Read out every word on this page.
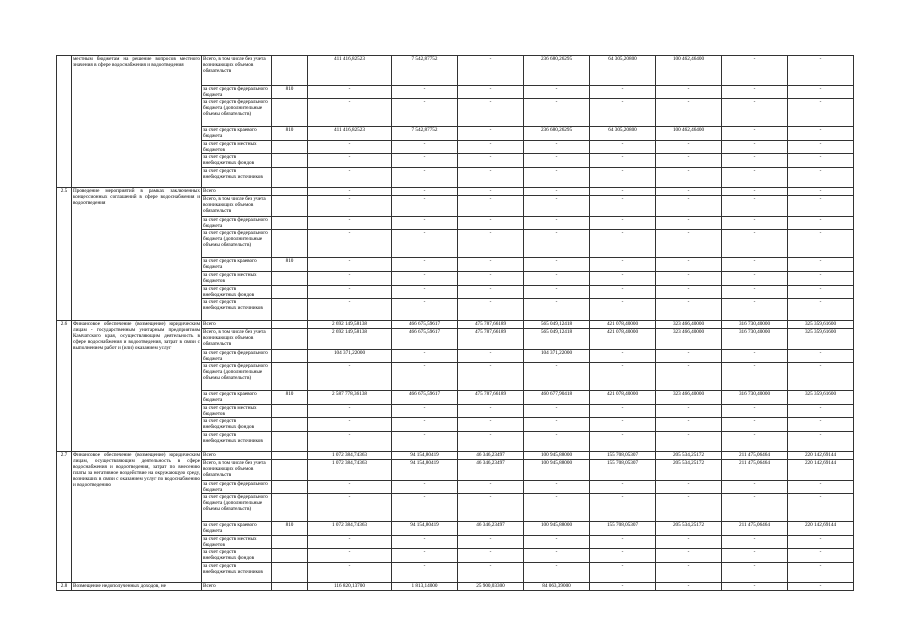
	местным бюджетам на решение вопросов местного значения в сфере водоснабжения и водоотведения	Всего, в том числе без учета возникающих объемов обязательств		411 416,82523	7 542,87752	-	236 680,26295	64 305,20800	100 462,46400	-	-
		за счет средств федерального бюджета	810	-	-	-	-	-	-	-	-
		за счет средств федерального бюджета (дополнительные объемы обязательств)		-	-	-	-	-	-	-	-
		за счет средств краевого бюджета	810	411 416,82523	7 542,87752	-	236 680,26295	64 305,20800	100 462,46400	-	-
		за счет средств местных бюджетов		-	-	-	-	-	-	-	-
		за счет средств внебюджетных фондов		-	-	-	-	-	-	-	-
		за счет средств внебюджетных источников		-	-	-	-	-	-	-	-
2.5	Проведение мероприятий в рамках заключенных концессионных соглашений в сфере водоснабжения и водоотведения	Всего		-	-	-	-	-	-	-	-
		Всего, в том числе без учета возникающих объемов обязательств		-	-	-	-	-	-	-	-
		за счет средств федерального бюджета		-	-	-	-	-	-	-	-
		за счет средств федерального бюджета (дополнительные объемы обязательств)		-	-	-	-	-	-	-	-
		за счет средств краевого бюджета	810	-	-	-	-	-	-	-	-
		за счет средств местных бюджетов		-	-	-	-	-	-	-	-
		за счет средств внебюджетных фондов		-	-	-	-	-	-	-	-
		за счет средств внебюджетных источников		-	-	-	-	-	-	-	-
2.6	Финансовое обеспечение (возмещение) юридическим лицам - государственным унитарным предприятиям Камчатского края, осуществляющим деятельность в сфере водоснабжения и водоотведения, затрат в связи с выполнением работ и (или) оказанием услуг	Всего		2 692 149,58138	466 675,59617	475 787,66189	565 049,12418	421 078,40000	323 466,40000	316 730,40000	325 359,61600
		Всего, в том числе без учета возникающих объемов обязательств		2 692 149,58138	466 675,59617	475 787,66189	565 049,12418	421 078,40000	323 466,40000	316 730,40000	325 359,61600
		за счет средств федерального бюджета		104 371,22000	-	-	104 371,22000	-	-	-	-
		за счет средств федерального бюджета (дополнительные объемы обязательств)		-	-	-	-	-	-	-	-
		за счет средств краевого бюджета	810	2 587 778,36138	466 675,59617	475 787,66189	460 677,90418	421 078,40000	323 466,40000	316 730,40000	325 359,61600
		за счет средств местных бюджетов		-	-	-	-	-	-	-	-
		за счет средств внебюджетных фондов		-	-	-	-	-	-	-	-
		за счет средств внебюджетных источников		-	-	-	-	-	-	-	-
2.7	Финансовое обеспечение (возмещение) юридическим лицам, осуществляющим деятельность в сфере водоснабжения и водоотведения, затрат по внесению платы за негативное воздействие на окружающую среду, возникших в связи с оказанием услуг по водоснабжению и водоотведению	Всего		1 072 384,74363	94 154,80419	46 346,23497	100 945,88000	155 708,05307	205 534,25172	211 475,06464	220 142,69144
		Всего, в том числе без учета возникающих объемов обязательств		1 072 384,74363	94 154,80419	46 346,23497	100 945,88000	155 708,05307	205 534,25172	211 475,06464	220 142,69144
		за счет средств федерального бюджета		-	-	-	-	-	-	-	-
		за счет средств федерального бюджета (дополнительные объемы обязательств)		-	-	-	-	-	-	-	-
		за счет средств краевого бюджета	810	1 072 384,74363	94 154,80419	46 346,23497	100 945,88000	155 708,05307	205 534,25172	211 475,06464	220 142,69144
		за счет средств местных бюджетов		-	-	-	-	-	-	-	-
		за счет средств внебюджетных фондов		-	-	-	-	-	-	-	-
		за счет средств внебюджетных источников		-	-	-	-	-	-	-	-
2.8	Возмещение недополученных доходов, не	Всего		116 820,13700	1 813,14000	25 900,03300	84 063,39000	-	-	-	-
